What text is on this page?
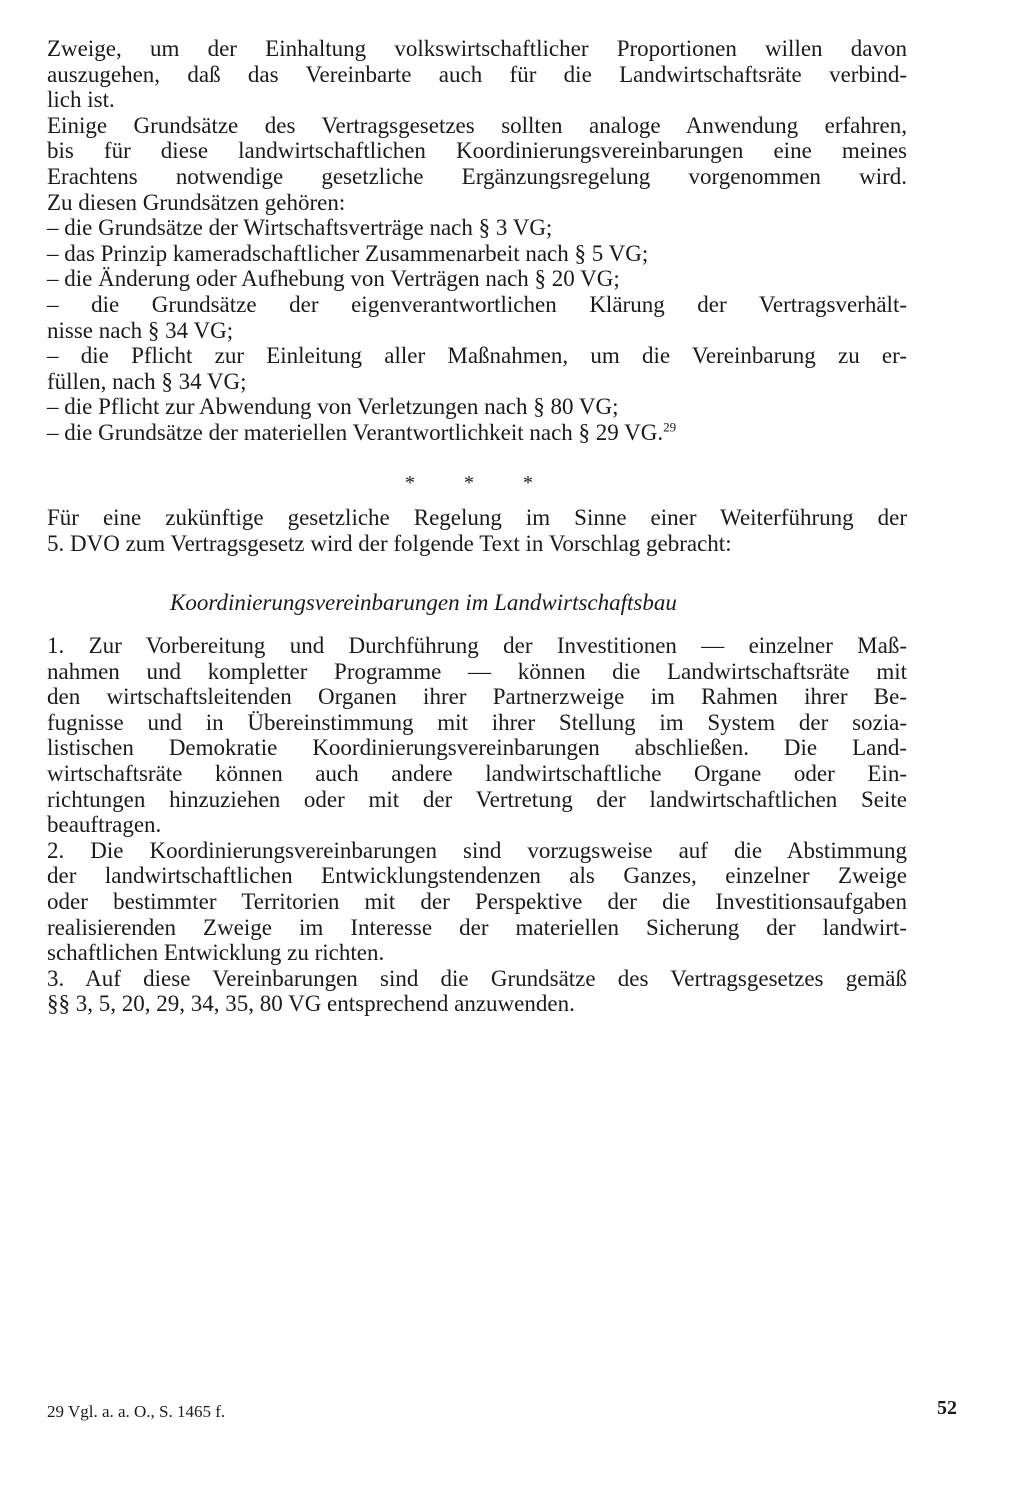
Zweige, um der Einhaltung volkswirtschaftlicher Proportionen willen davon
auszugehen, daß das Vereinbarte auch für die Landwirtschaftsräte verbind-
lich ist.
Einige Grundsätze des Vertragsgesetzes sollten analoge Anwendung erfahren,
bis für diese landwirtschaftlichen Koordinierungsvereinbarungen eine meines
Erachtens notwendige gesetzliche Ergänzungsregelung vorgenommen wird.
Zu diesen Grundsätzen gehören:
– die Grundsätze der Wirtschaftsverträge nach § 3 VG;
– das Prinzip kameradschaftlicher Zusammenarbeit nach § 5 VG;
– die Änderung oder Aufhebung von Verträgen nach § 20 VG;
– die Grundsätze der eigenverantwortlichen Klärung der Vertragsverhält-
nisse nach § 34 VG;
– die Pflicht zur Einleitung aller Maßnahmen, um die Vereinbarung zu er-
füllen, nach § 34 VG;
– die Pflicht zur Abwendung von Verletzungen nach § 80 VG;
– die Grundsätze der materiellen Verantwortlichkeit nach § 29 VG.$^{29}$
* * *
Für eine zukünftige gesetzliche Regelung im Sinne einer Weiterführung der
5. DVO zum Vertragsgesetz wird der folgende Text in Vorschlag gebracht:
Koordinierungsvereinbarungen im Landwirtschaftsbau
1. Zur Vorbereitung und Durchführung der Investitionen — einzelner Maß-
nahmen und kompletter Programme — können die Landwirtschaftsräte mit
den wirtschaftsleitenden Organen ihrer Partnerzweige im Rahmen ihrer Be-
fugnisse und in Übereinstimmung mit ihrer Stellung im System der sozia-
listischen Demokratie Koordinierungsvereinbarungen abschließen. Die Land-
wirtschaftsräte können auch andere landwirtschaftliche Organe oder Ein-
richtungen hinzuziehen oder mit der Vertretung der landwirtschaftlichen Seite
beauftragen.
2. Die Koordinierungsvereinbarungen sind vorzugsweise auf die Abstimmung
der landwirtschaftlichen Entwicklungstendenzen als Ganzes, einzelner Zweige
oder bestimmter Territorien mit der Perspektive der die Investitionsaufgaben
realisierenden Zweige im Interesse der materiellen Sicherung der landwirt-
schaftlichen Entwicklung zu richten.
3. Auf diese Vereinbarungen sind die Grundsätze des Vertragsgesetzes gemäß
§§ 3, 5, 20, 29, 34, 35, 80 VG entsprechend anzuwenden.
29 Vgl. a. a. O., S. 1465 f.	52
